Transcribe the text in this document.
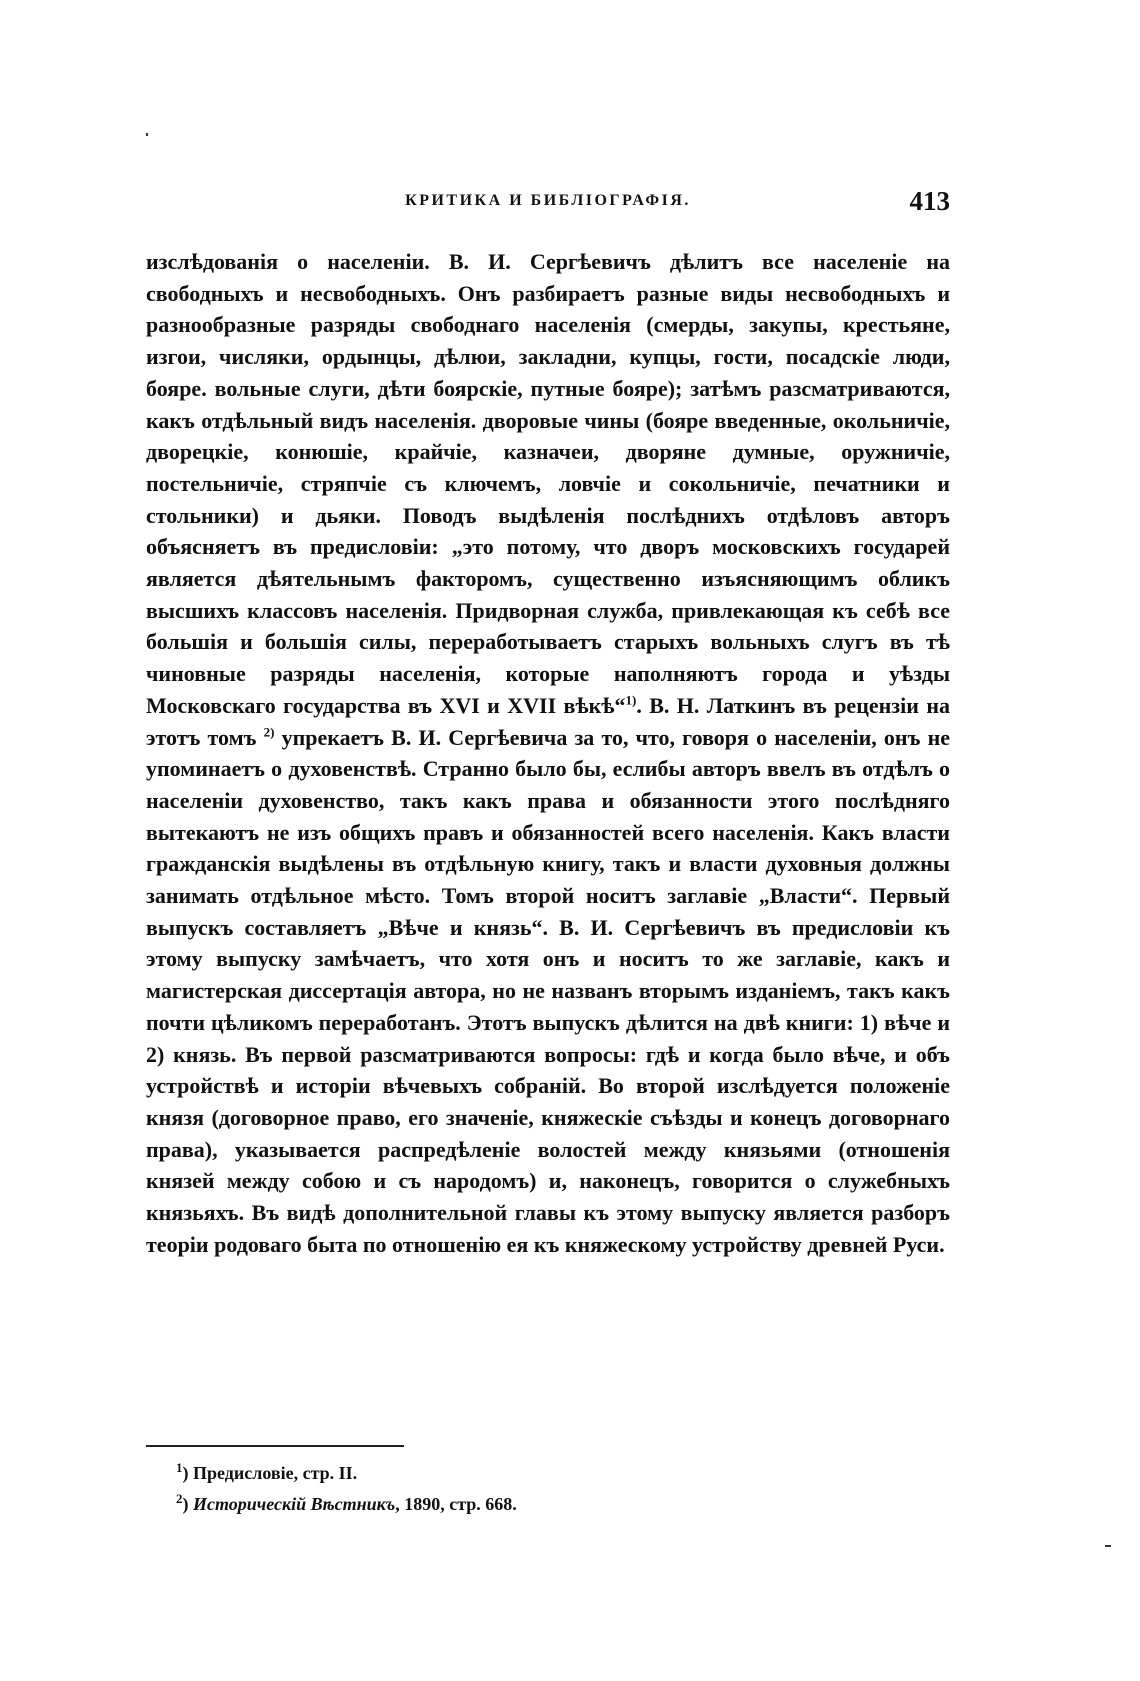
КРИТИКА И БИБЛІОГРАФІЯ.	413

изслѣдованія о населеніи. В. И. Сергѣевичъ дѣлитъ все населеніе на свободныхъ и несвободныхъ. Онъ разбираетъ разные виды несвободныхъ и разнообразные разряды свободнаго населенія (смерды, закупы, крестьяне, изгои, числяки, ордынцы, дѣлюи, закладни, купцы, гости, посадскіе люди, бояре. вольные слуги, дѣти боярскіе, путные бояре); затѣмъ разсматриваются, какъ отдѣльный видъ населенія. дворовые чины (бояре введенные, окольничіе, дворецкіе, конюшіе, крайчіе, казначеи, дворяне думные, оружничіе, постельничіе, стряпчіе съ ключемъ, ловчіе и сокольничіе, печатники и стольники) и дьяки. Поводъ выдѣленія послѣднихъ отдѣловъ авторъ объясняетъ въ предисловіи: „это потому, что дворъ московскихъ государей является дѣятельнымъ факторомъ, существенно изъясняющимъ обликъ высшихъ классовъ населенія. Придворная служба, привлекающая къ себѣ все большія и большія силы, переработываетъ старыхъ вольныхъ слугъ въ тѣ чиновные разряды населенія, которые наполняютъ города и уѣзды Московскаго государства въ XVI и XVII вѣкѣ“$^{1)}$. В. Н. Латкинъ въ рецензіи на этотъ томъ $^{2)}$ упрекаетъ В. И. Сергѣевича за то, что, говоря о населеніи, онъ не упоминаетъ о духовенствѣ. Странно было бы, еслибы авторъ ввелъ въ отдѣлъ о населеніи духовенство, такъ какъ права и обязанности этого послѣдняго вытекаютъ не изъ общихъ правъ и обязанностей всего населенія. Какъ власти гражданскія выдѣлены въ отдѣльную книгу, такъ и власти духовныя должны занимать отдѣльное мѣсто. Томъ второй носитъ заглавіе „Власти“. Первый выпускъ составляетъ „Вѣче и князь“. В. И. Сергѣевичъ въ предисловіи къ этому выпуску замѣчаетъ, что хотя онъ и носитъ то же заглавіе, какъ и магистерская диссертація автора, но не названъ вторымъ изданіемъ, такъ какъ почти цѣликомъ переработанъ. Этотъ выпускъ дѣлится на двѣ книги: 1) вѣче и 2) князь. Въ первой разсматриваются вопросы: гдѣ и когда было вѣче, и объ устройствѣ и исторіи вѣчевыхъ собраній. Во второй изслѣдуется положеніе князя (договорное право, его значеніе, княжескіе съѣзды и конецъ договорнаго права), указывается распредѣленіе волостей между князьями (отношенія князей между собою и съ народомъ) и, наконецъ, говорится о служебныхъ князьяхъ. Въ видѣ дополнительной главы къ этому выпуску является разборъ теоріи родоваго быта по отношенію ея къ княжескому устройству древней Руси.

$^1$) Предисловіе, стр. II.

$^2$) Историческій Вѣстникъ, 1890, стр. 668.
